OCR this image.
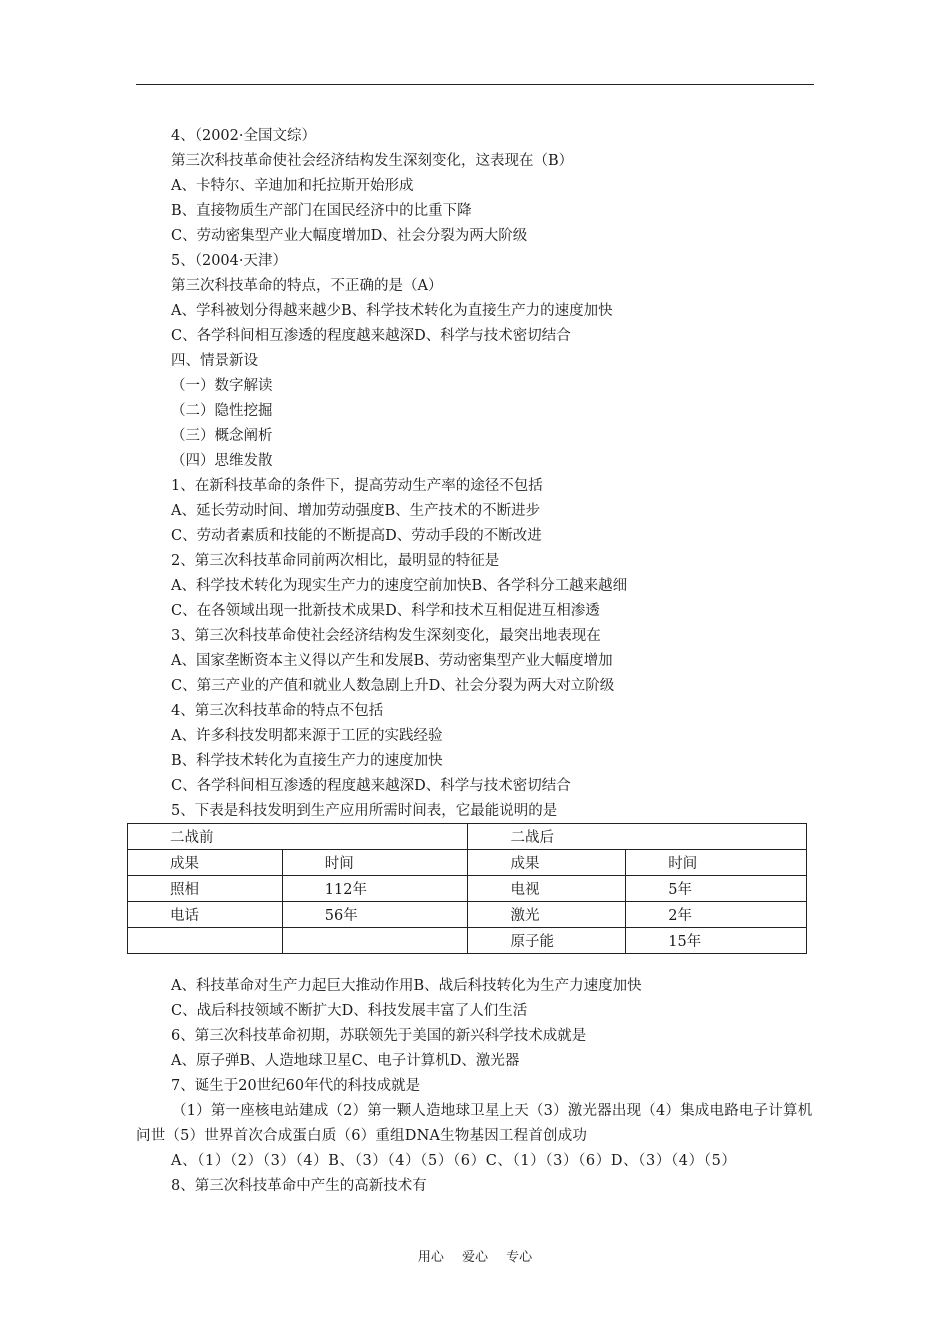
4、（2002·全国文综）
第三次科技革命使社会经济结构发生深刻变化，这表现在（B）
A、卡特尔、辛迪加和托拉斯开始形成
B、直接物质生产部门在国民经济中的比重下降
C、劳动密集型产业大幅度增加D、社会分裂为两大阶级
5、（2004·天津）
第三次科技革命的特点，不正确的是（A）
A、学科被划分得越来越少B、科学技术转化为直接生产力的速度加快
C、各学科间相互渗透的程度越来越深D、科学与技术密切结合
四、情景新设
（一）数字解读
（二）隐性挖掘
（三）概念阐析
（四）思维发散
1、在新科技革命的条件下，提高劳动生产率的途径不包括
A、延长劳动时间、增加劳动强度B、生产技术的不断进步
C、劳动者素质和技能的不断提高D、劳动手段的不断改进
2、第三次科技革命同前两次相比，最明显的特征是
A、科学技术转化为现实生产力的速度空前加快B、各学科分工越来越细
C、在各领域出现一批新技术成果D、科学和技术互相促进互相渗透
3、第三次科技革命使社会经济结构发生深刻变化，最突出地表现在
A、国家垄断资本主义得以产生和发展B、劳动密集型产业大幅度增加
C、第三产业的产值和就业人数急剧上升D、社会分裂为两大对立阶级
4、第三次科技革命的特点不包括
A、许多科技发明都来源于工匠的实践经验
B、科学技术转化为直接生产力的速度加快
C、各学科间相互渗透的程度越来越深D、科学与技术密切结合
5、下表是科技发明到生产应用所需时间表，它最能说明的是
二战前		二战后	
成果	时间	成果	时间
照相	112年	电视	5年
电话	56年	激光	2年
		原子能	15年
A、科技革命对生产力起巨大推动作用B、战后科技转化为生产力速度加快
C、战后科技领域不断扩大D、科技发展丰富了人们生活
6、第三次科技革命初期，苏联领先于美国的新兴科学技术成就是
A、原子弹B、人造地球卫星C、电子计算机D、激光器
7、诞生于20世纪60年代的科技成就是
（1）第一座核电站建成（2）第一颗人造地球卫星上天（3）激光器出现（4）集成电路电子计算机问世（5）世界首次合成蛋白质（6）重组DNA生物基因工程首创成功
A、（1）（2）（3）（4）B、（3）（4）（5）（6）C、（1）（3）（6）D、（3）（4）（5）
8、第三次科技革命中产生的高新技术有
用心 爱心 专心
